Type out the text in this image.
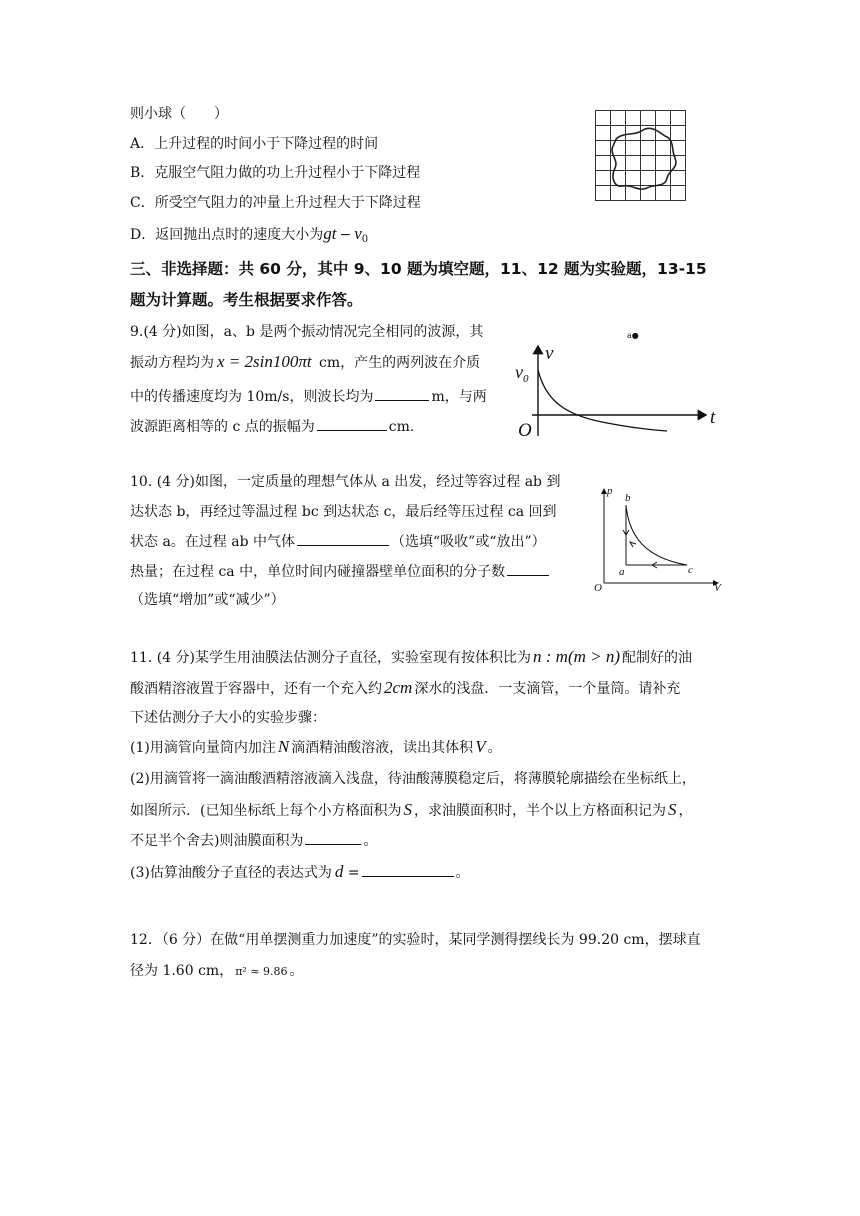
则小球（　　）
A．上升过程的时间小于下降过程的时间
B．克服空气阻力做的功上升过程小于下降过程
C．所受空气阻力的冲量上升过程大于下降过程
D．返回抛出点时的速度大小为gt − $v_0$
三、非选择题：共 60 分，其中 9、10 题为填空题，11、12 题为实验题，13-15
题为计算题。考生根据要求作答。
9.(4 分)如图，a、b 是两个振动情况完全相同的波源，其
振动方程均为 x = 2sin100πt cm，产生的两列波在介质
中的传播速度均为 10m/s，则波长均为	m，与两
波源距离相等的 c 点的振幅为	cm.
a●
v
$v_0$
t
O
10. (4 分)如图，一定质量的理想气体从 a 出发，经过等容过程 ab 到
达状态 b，再经过等温过程 bc 到达状态 c，最后经等压过程 ca 回到
状态 a。在过程 ab 中气体	（选填“吸收”或“放出”）
热量；在过程 ca 中，单位时间内碰撞器壁单位面积的分子数
（选填“增加”或“减少”）
p
V
O
a
b
c
11. (4 分)某学生用油膜法估测分子直径，实验室现有按体积比为 n : m(m > n) 配制好的油
酸酒精溶液置于容器中，还有一个充入约 2cm 深水的浅盘．一支滴管，一个量筒。请补充
下述估测分子大小的实验步骤：
(1)用滴管向量筒内加注 N 滴酒精油酸溶液，读出其体积 V 。
(2)用滴管将一滴油酸酒精溶液滴入浅盘，待油酸薄膜稳定后，将薄膜轮廓描绘在坐标纸上，
如图所示．(已知坐标纸上每个小方格面积为 S ，求油膜面积时，半个以上方格面积记为 S ，
不足半个舍去)则油膜面积为	。
(3)估算油酸分子直径的表达式为 d =	。
12．（6 分）在做“用单摆测重力加速度”的实验时，某同学测得摆线长为 99.20 cm，摆球直
径为 1.60 cm， π² ≈ 9.86 。
